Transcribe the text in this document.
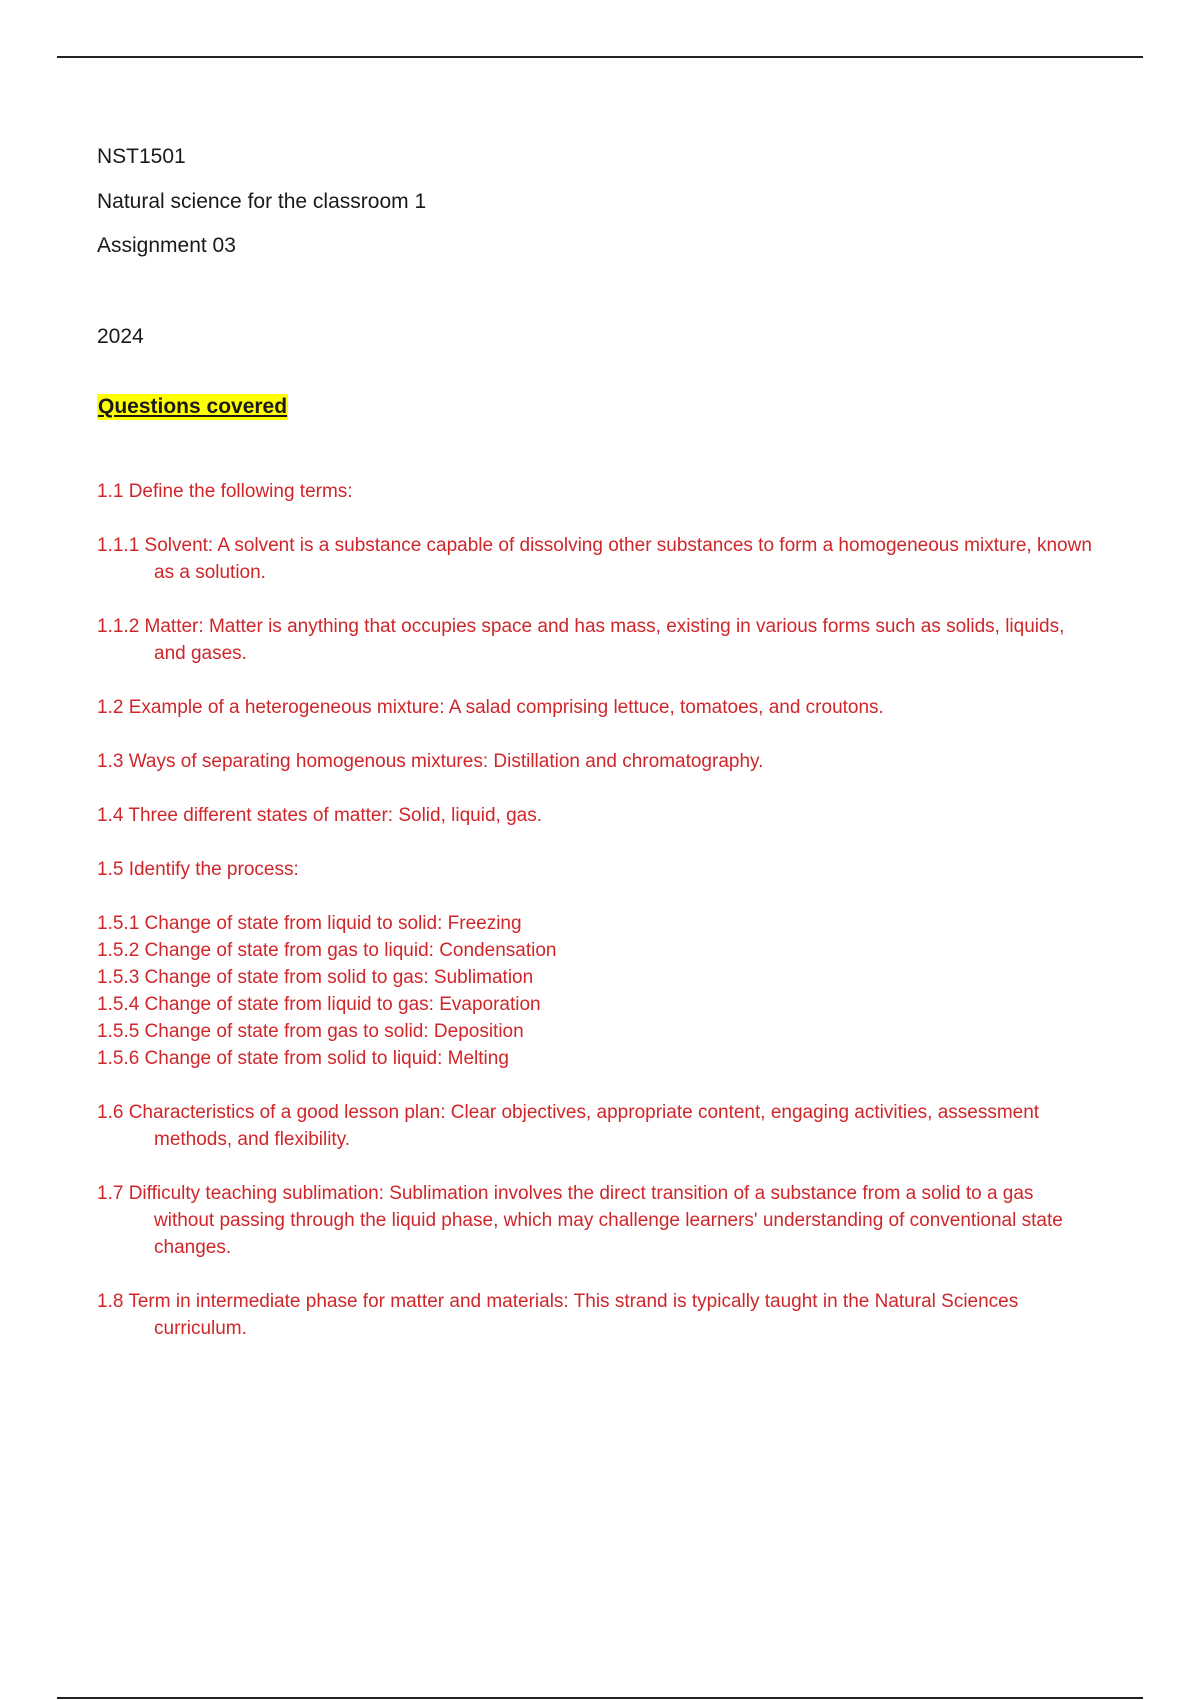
NST1501
Natural science for the classroom 1
Assignment 03
2024
Questions covered
1.1 Define the following terms:
1.1.1 Solvent: A solvent is a substance capable of dissolving other substances to form a homogeneous mixture, known as a solution.
1.1.2 Matter: Matter is anything that occupies space and has mass, existing in various forms such as solids, liquids, and gases.
1.2 Example of a heterogeneous mixture: A salad comprising lettuce, tomatoes, and croutons.
1.3 Ways of separating homogenous mixtures: Distillation and chromatography.
1.4 Three different states of matter: Solid, liquid, gas.
1.5 Identify the process:
1.5.1 Change of state from liquid to solid: Freezing
1.5.2 Change of state from gas to liquid: Condensation
1.5.3 Change of state from solid to gas: Sublimation
1.5.4 Change of state from liquid to gas: Evaporation
1.5.5 Change of state from gas to solid: Deposition
1.5.6 Change of state from solid to liquid: Melting
1.6 Characteristics of a good lesson plan: Clear objectives, appropriate content, engaging activities, assessment methods, and flexibility.
1.7 Difficulty teaching sublimation: Sublimation involves the direct transition of a substance from a solid to a gas without passing through the liquid phase, which may challenge learners' understanding of conventional state changes.
1.8 Term in intermediate phase for matter and materials: This strand is typically taught in the Natural Sciences curriculum.
